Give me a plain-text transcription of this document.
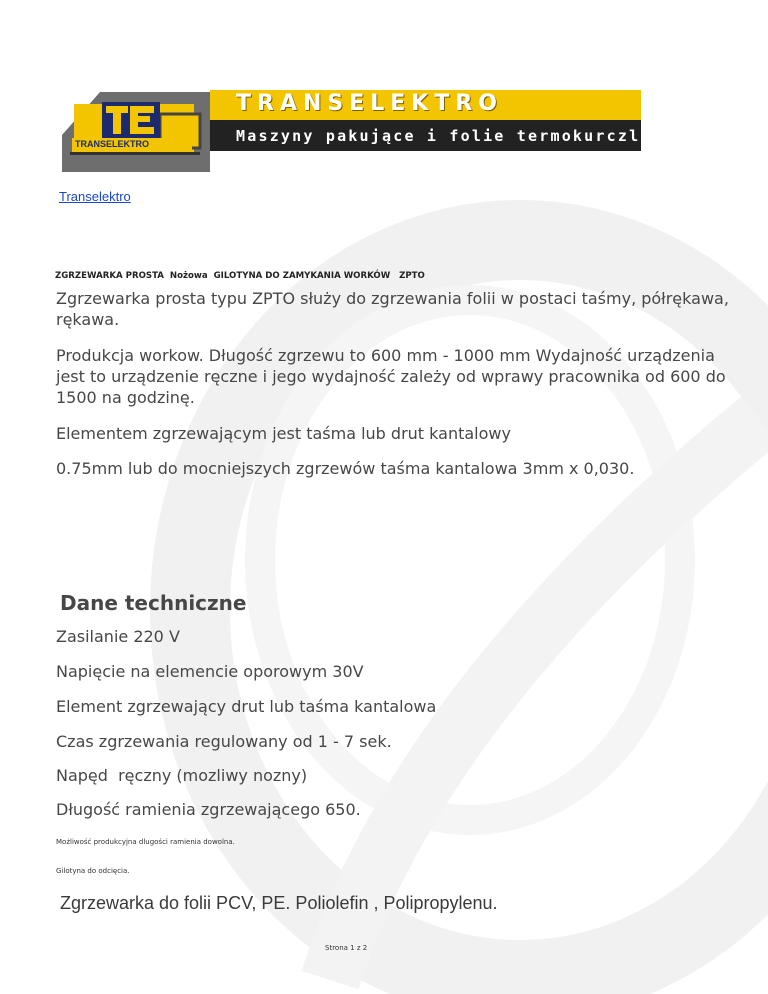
TRANSELEKTRO
TRANSELEKTRO
Maszyny pakujące i folie termokurczliwe
Transelektro
ZGRZEWARKA PROSTA  Nożowa  GILOTYNA DO ZAMYKANIA WORKÓW   ZPTO

Zgrzewarka prosta typu ZPTO służy do zgrzewania folii w postaci taśmy, półrękawa, rękawa.

Produkcja workow. Długość zgrzewu to 600 mm - 1000 mm Wydajność urządzenia jest to urządzenie ręczne i jego wydajność zależy od wprawy pracownika od 600 do 1500 na godzinę.

Elementem zgrzewającym jest taśma lub drut kantalowy

0.75mm lub do mocniejszych zgrzewów taśma kantalowa 3mm x 0,030.

Dane techniczne
Zasilanie 220 V
Napięcie na elemencie oporowym 30V
Element zgrzewający drut lub taśma kantalowa
Czas zgrzewania regulowany od 1 - 7 sek.
Napęd  ręczny (mozliwy nozny)
Długość ramienia zgrzewającego 650.
Możliwość produkcyjna dlugości ramienia dowolna.
Gilotyna do odcięcia.
Zgrzewarka do folii PCV, PE. Poliolefin , Polipropylenu.
Strona 1 z 2
